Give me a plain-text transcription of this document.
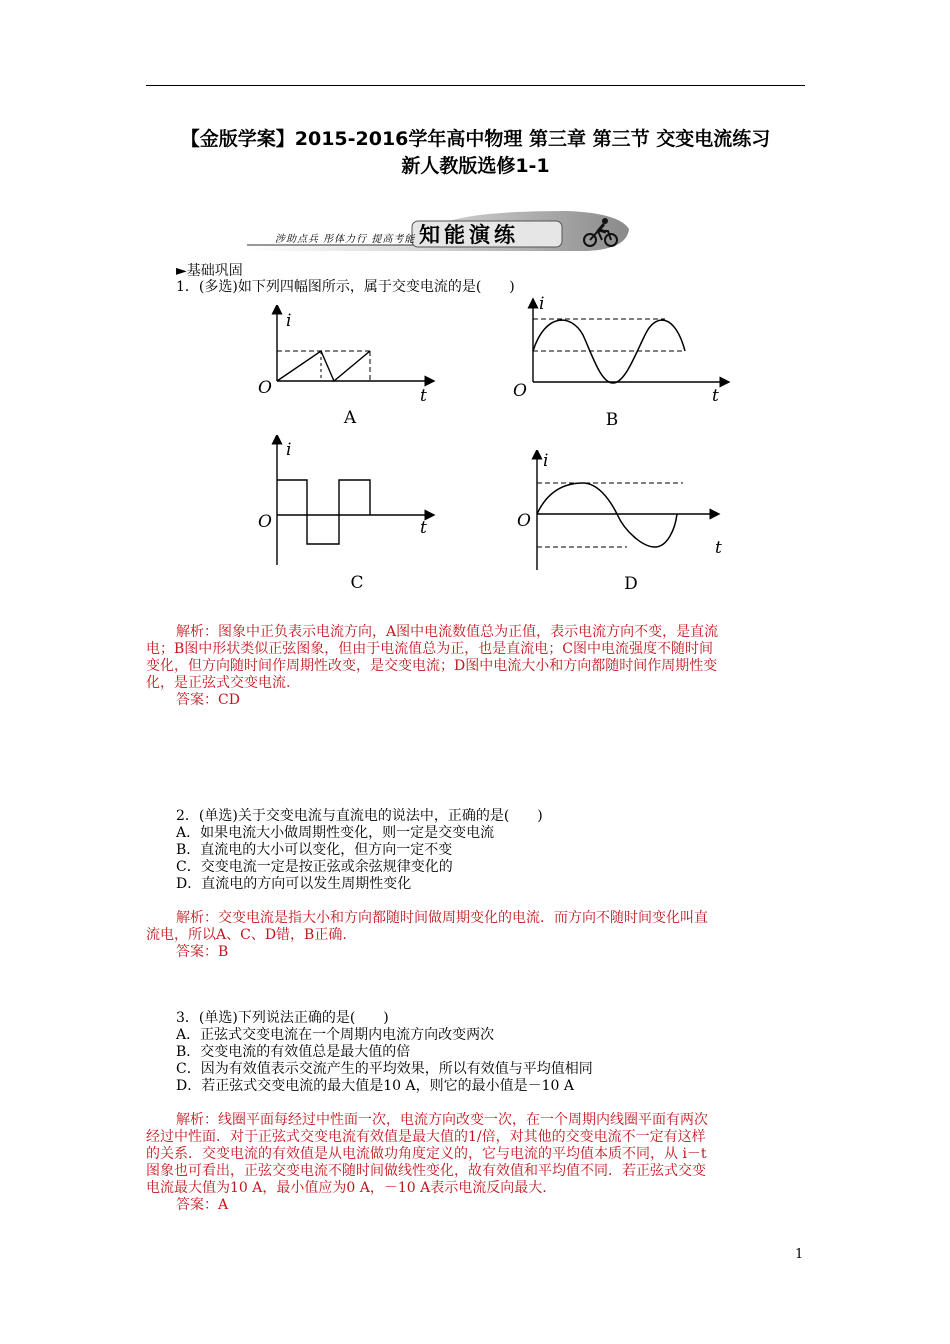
【金版学案】2015-2016学年高中物理 第三章 第三节 交变电流练习
新人教版选修1-1
涉助点兵 彤体力行 提高考能 知能演练
►基础巩固
1．(多选)如下列四幅图所示，属于交变电流的是(　　)
i
O	t
A
i
O	t
B
i
O	t
C
i
O
t
D
解析：图象中正负表示电流方向，A图中电流数值总为正值，表示电流方向不变，是直流
电；B图中形状类似正弦图象，但由于电流值总为正，也是直流电；C图中电流强度不随时间
变化，但方向随时间作周期性改变，是交变电流；D图中电流大小和方向都随时间作周期性变
化，是正弦式交变电流.
答案：CD
2．(单选)关于交变电流与直流电的说法中，正确的是(　　)
A．如果电流大小做周期性变化，则一定是交变电流
B．直流电的大小可以变化，但方向一定不变
C．交变电流一定是按正弦或余弦规律变化的
D．直流电的方向可以发生周期性变化
解析：交变电流是指大小和方向都随时间做周期变化的电流．而方向不随时间变化叫直
流电，所以A、C、D错，B正确.
答案：B
3．(单选)下列说法正确的是(　　)
A．正弦式交变电流在一个周期内电流方向改变两次
B．交变电流的有效值总是最大值的倍
C．因为有效值表示交流产生的平均效果，所以有效值与平均值相同
D．若正弦式交变电流的最大值是10 A，则它的最小值是－10 A
解析：线圈平面每经过中性面一次，电流方向改变一次，在一个周期内线圈平面有两次
经过中性面．对于正弦式交变电流有效值是最大值的1/倍，对其他的交变电流不一定有这样
的关系．交变电流的有效值是从电流做功角度定义的，它与电流的平均值本质不同，从 i－t
图象也可看出，正弦交变电流不随时间做线性变化，故有效值和平均值不同．若正弦式交变
电流最大值为10 A，最小值应为0 A，－10 A表示电流反向最大.
答案：A
1
